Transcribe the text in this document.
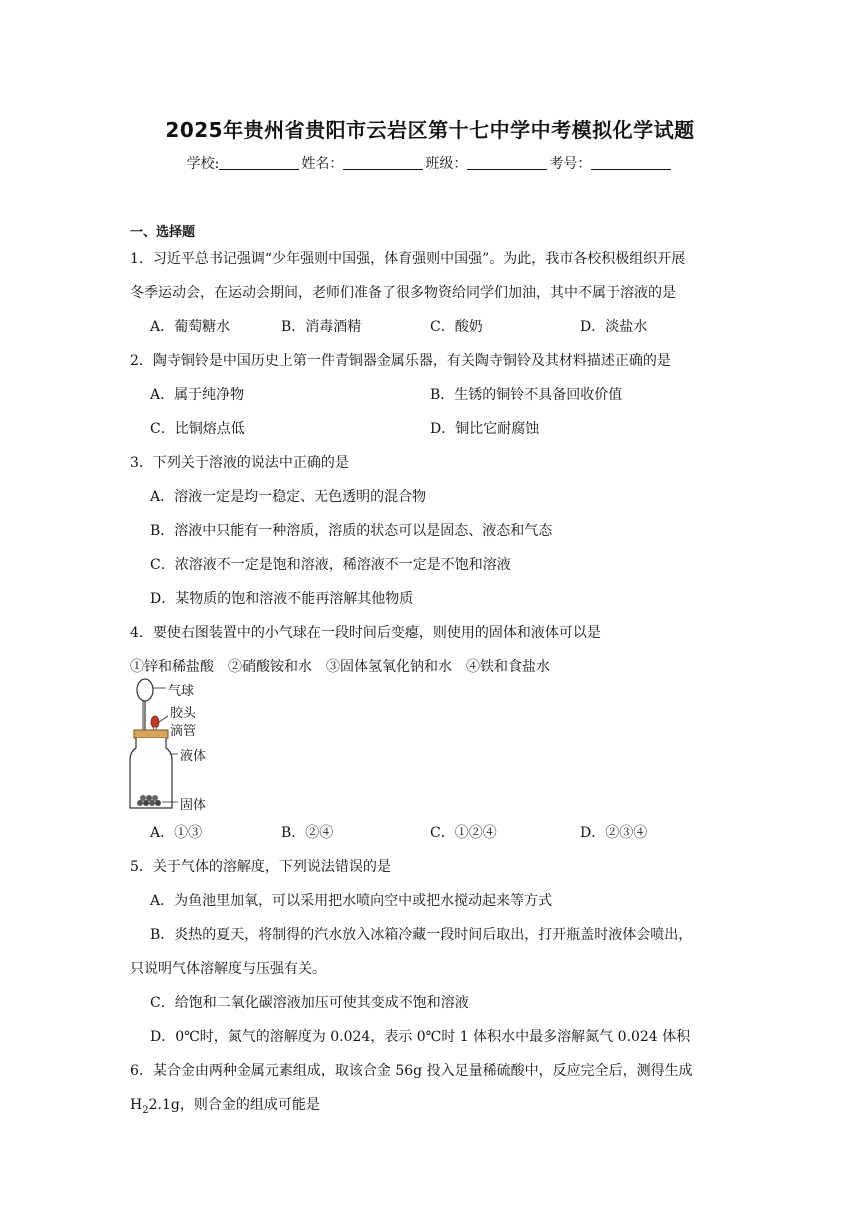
2025年贵州省贵阳市云岩区第十七中学中考模拟化学试题
学校:	姓名：	班级：	考号：
一、选择题
1．习近平总书记强调“少年强则中国强，体育强则中国强”。为此，我市各校积极组织开展
冬季运动会，在运动会期间，老师们准备了很多物资给同学们加油，其中不属于溶液的是
A．葡萄糖水	B．消毒酒精	C．酸奶	D．淡盐水
2．陶寺铜铃是中国历史上第一件青铜器金属乐器，有关陶寺铜铃及其材料描述正确的是
A．属于纯净物	B．生锈的铜铃不具备回收价值
C．比铜熔点低	D．铜比它耐腐蚀
3．下列关于溶液的说法中正确的是
A．溶液一定是均一稳定、无色透明的混合物
B．溶液中只能有一种溶质，溶质的状态可以是固态、液态和气态
C．浓溶液不一定是饱和溶液，稀溶液不一定是不饱和溶液
D．某物质的饱和溶液不能再溶解其他物质
4．要使右图装置中的小气球在一段时间后变瘪，则使用的固体和液体可以是
①锌和稀盐酸　②硝酸铵和水　③固体氢氧化钠和水　④铁和食盐水
气球
胶头
滴管
液体
固体
A．①③	B．②④	C．①②④	D．②③④
5．关于气体的溶解度，下列说法错误的是
A．为鱼池里加氧，可以采用把水喷向空中或把水搅动起来等方式
B．炎热的夏天，将制得的汽水放入冰箱冷藏一段时间后取出，打开瓶盖时液体会喷出，
只说明气体溶解度与压强有关。
C．给饱和二氧化碳溶液加压可使其变成不饱和溶液
D．0℃时，氮气的溶解度为 0.024，表示 0℃时 1 体积水中最多溶解氮气 0.024 体积
6．某合金由两种金属元素组成，取该合金 56g 投入足量稀硫酸中，反应完全后，测得生成
$H_22.1g$，则合金的组成可能是
